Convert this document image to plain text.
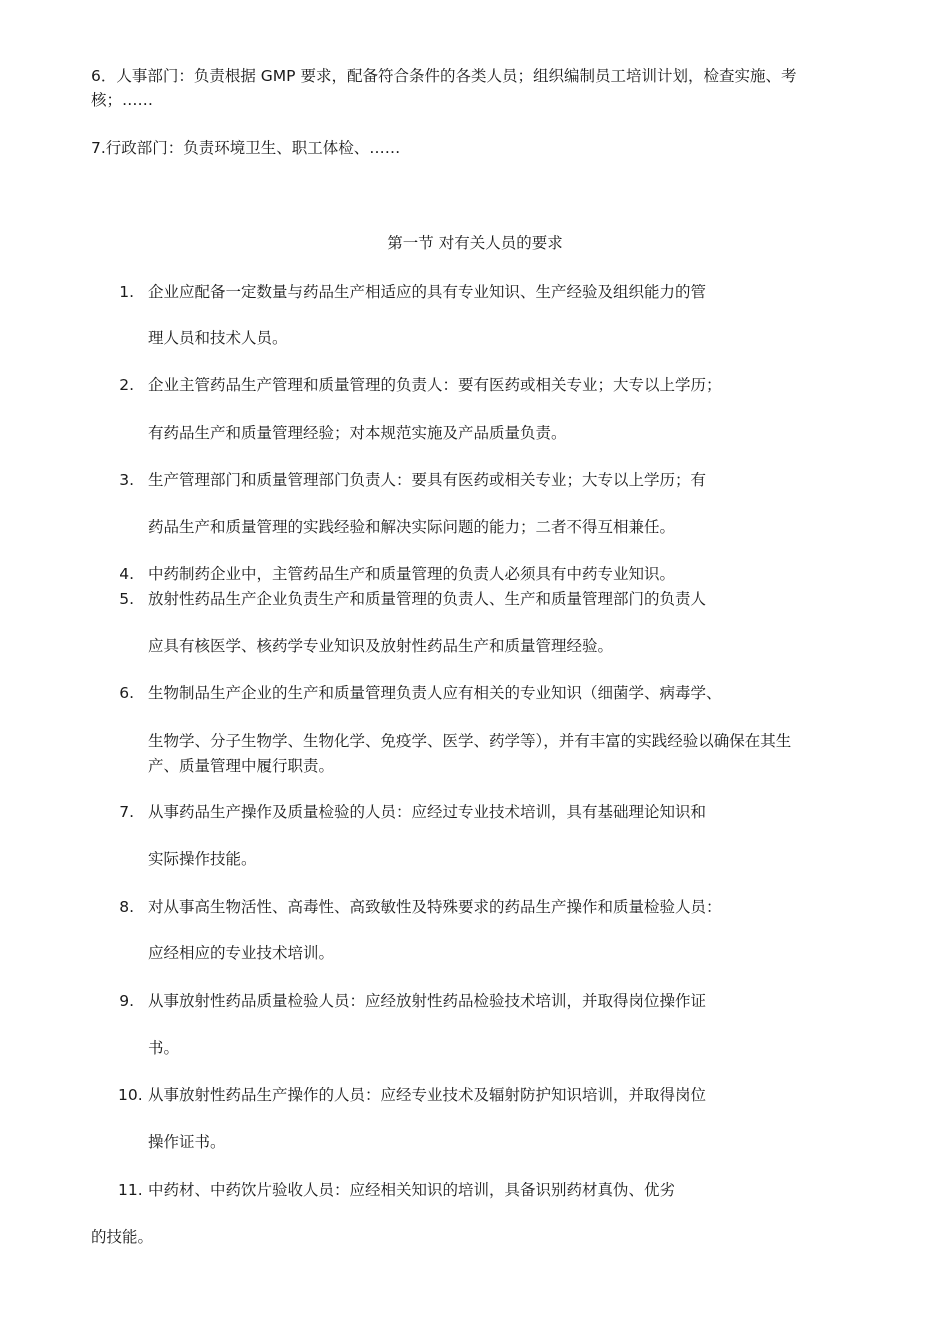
6．人事部门：负责根据 GMP 要求，配备符合条件的各类人员；组织编制员工培训计划，检查实施、考
核；……
7.行政部门：负责环境卫生、职工体检、……
第一节 对有关人员的要求
1. 企业应配备一定数量与药品生产相适应的具有专业知识、生产经验及组织能力的管
理人员和技术人员。
2. 企业主管药品生产管理和质量管理的负责人：要有医药或相关专业；大专以上学历；
有药品生产和质量管理经验；对本规范实施及产品质量负责。
3. 生产管理部门和质量管理部门负责人：要具有医药或相关专业；大专以上学历；有
药品生产和质量管理的实践经验和解决实际问题的能力；二者不得互相兼任。
4. 中药制药企业中，主管药品生产和质量管理的负责人必须具有中药专业知识。
5. 放射性药品生产企业负责生产和质量管理的负责人、生产和质量管理部门的负责人
应具有核医学、核药学专业知识及放射性药品生产和质量管理经验。
6. 生物制品生产企业的生产和质量管理负责人应有相关的专业知识（细菌学、病毒学、
生物学、分子生物学、生物化学、免疫学、医学、药学等），并有丰富的实践经验以确保在其生
产、质量管理中履行职责。
7. 从事药品生产操作及质量检验的人员：应经过专业技术培训，具有基础理论知识和
实际操作技能。
8. 对从事高生物活性、高毒性、高致敏性及特殊要求的药品生产操作和质量检验人员：
应经相应的专业技术培训。
9. 从事放射性药品质量检验人员：应经放射性药品检验技术培训，并取得岗位操作证
书。
10. 从事放射性药品生产操作的人员：应经专业技术及辐射防护知识培训，并取得岗位
操作证书。
11. 中药材、中药饮片验收人员：应经相关知识的培训，具备识别药材真伪、优劣
的技能。
